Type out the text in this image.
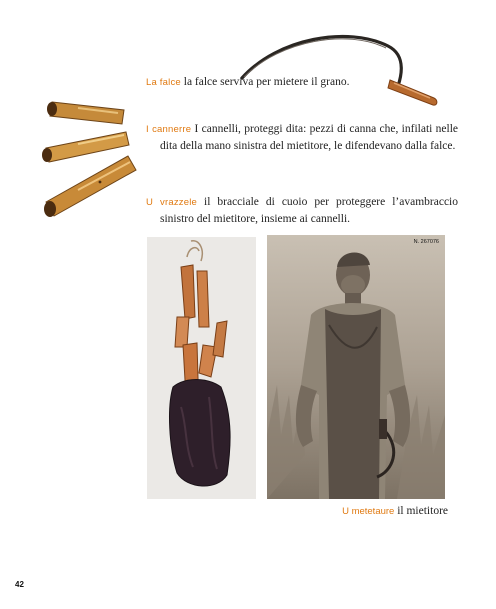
La falce la falce serviva per mietere il grano.
I cannerre I cannelli, proteggi dita: pezzi di canna che, infilati nelle dita della mano sinistra del mietitore, le difendevano dalla falce.
U vrazzele il bracciale di cuoio per proteggere l’avambraccio sinistro del mietitore, insieme ai cannelli.
N. 267076
U metetaure il mietitore
42
